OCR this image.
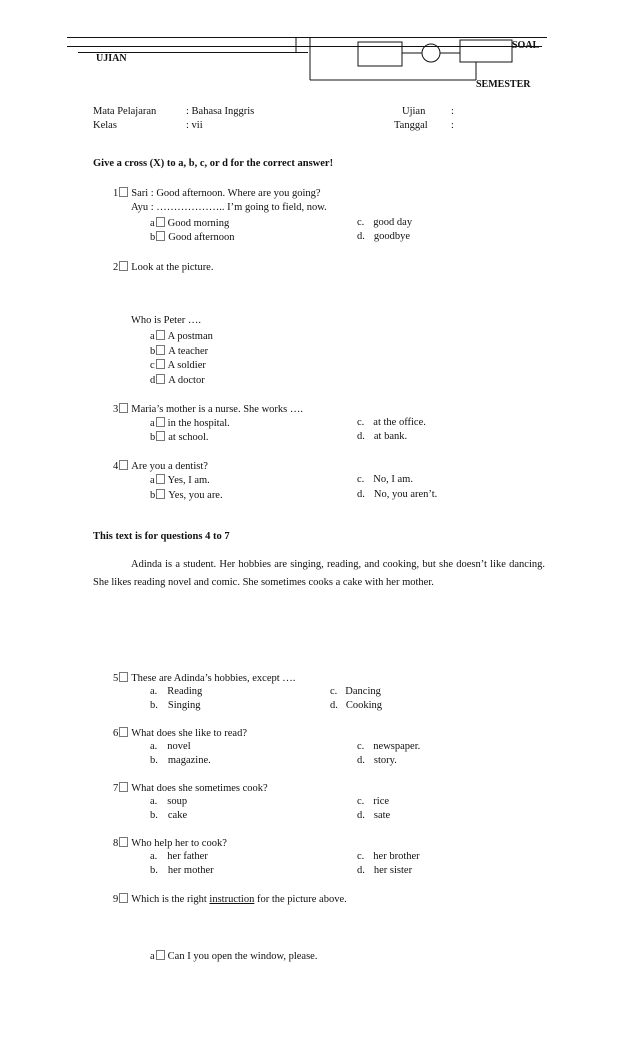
SOAL
UJIAN
SEMESTER
Mata Pelajaran	: Bahasa Inggris
Kelas	: vii
Ujian :
Tanggal :
Give a cross (X) to a, b, c, or d for the correct answer!
1 Sari : Good afternoon. Where are you going?
Ayu : ……………….. I’m going to field, now.
a Good morning
b Good afternoon
c. good day
d. goodbye
2 Look at the picture.
Who is Peter ….
a A postman
b A teacher
c A soldier
d A doctor
3 Maria’s mother is a nurse. She works ….
a in the hospital.
b at school.
c. at the office.
d. at bank.
4 Are you a dentist?
a Yes, I am.
b Yes, you are.
c. No, I am.
d. No, you aren’t.
This text is for questions 4 to 7
Adinda is a student. Her hobbies are singing, reading, and cooking, but she doesn’t like dancing. She likes reading novel and comic. She sometimes cooks a cake with her mother.
5 These are Adinda’s hobbies, except ….
a. Reading
b. Singing
c. Dancing
d. Cooking
6 What does she like to read?
a. novel
b. magazine.
c. newspaper.
d. story.
7 What does she sometimes cook?
a. soup
b. cake
c. rice
d. sate
8 Who help her to cook?
a. her father
b. her mother
c. her brother
d. her sister
9 Which is the right instruction for the picture above.
a Can I you open the window, please.
